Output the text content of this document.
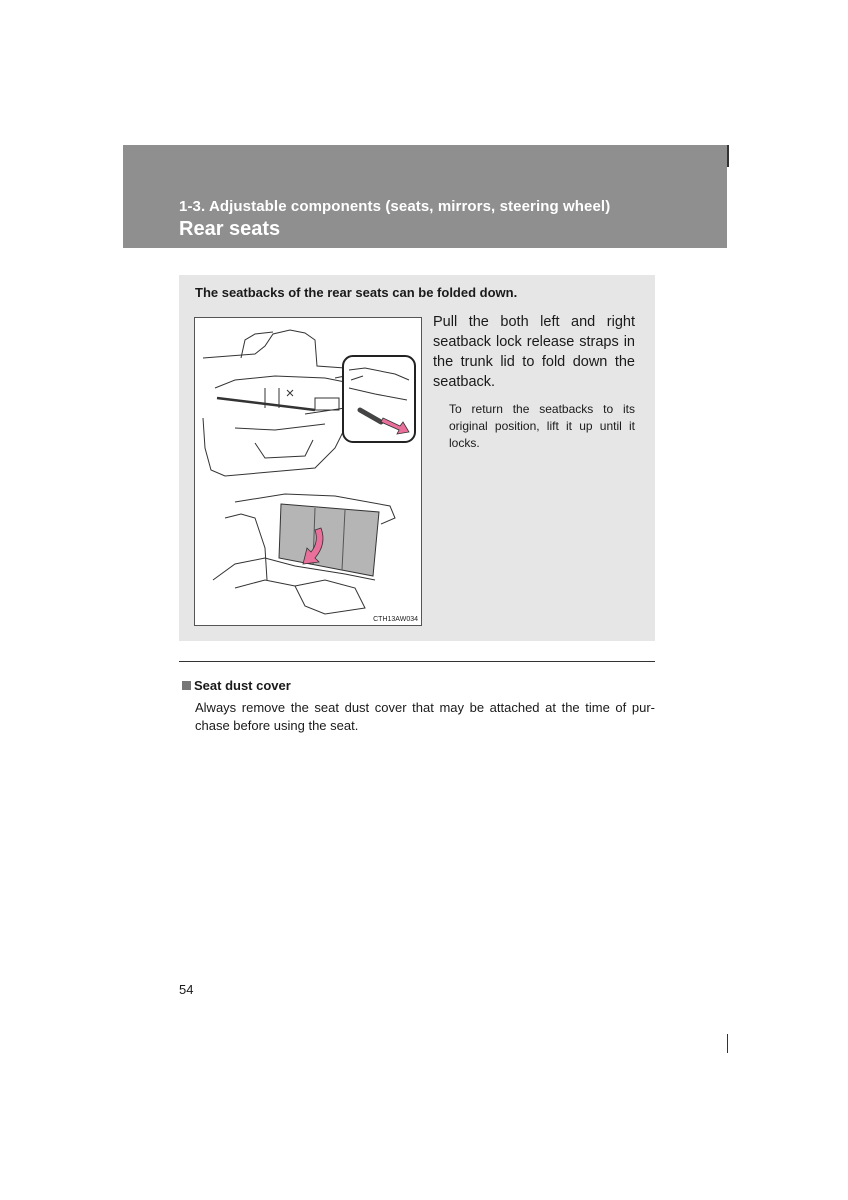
1-3. Adjustable components (seats, mirrors, steering wheel)
Rear seats
The seatbacks of the rear seats can be folded down.
CTH13AW034
Pull the both left and right seatback lock release straps in the trunk lid to fold down the seatback.
To return the seatbacks to its original position, lift it up until it locks.
Seat dust cover
Always remove the seat dust cover that may be attached at the time of pur-chase before using the seat.
54
